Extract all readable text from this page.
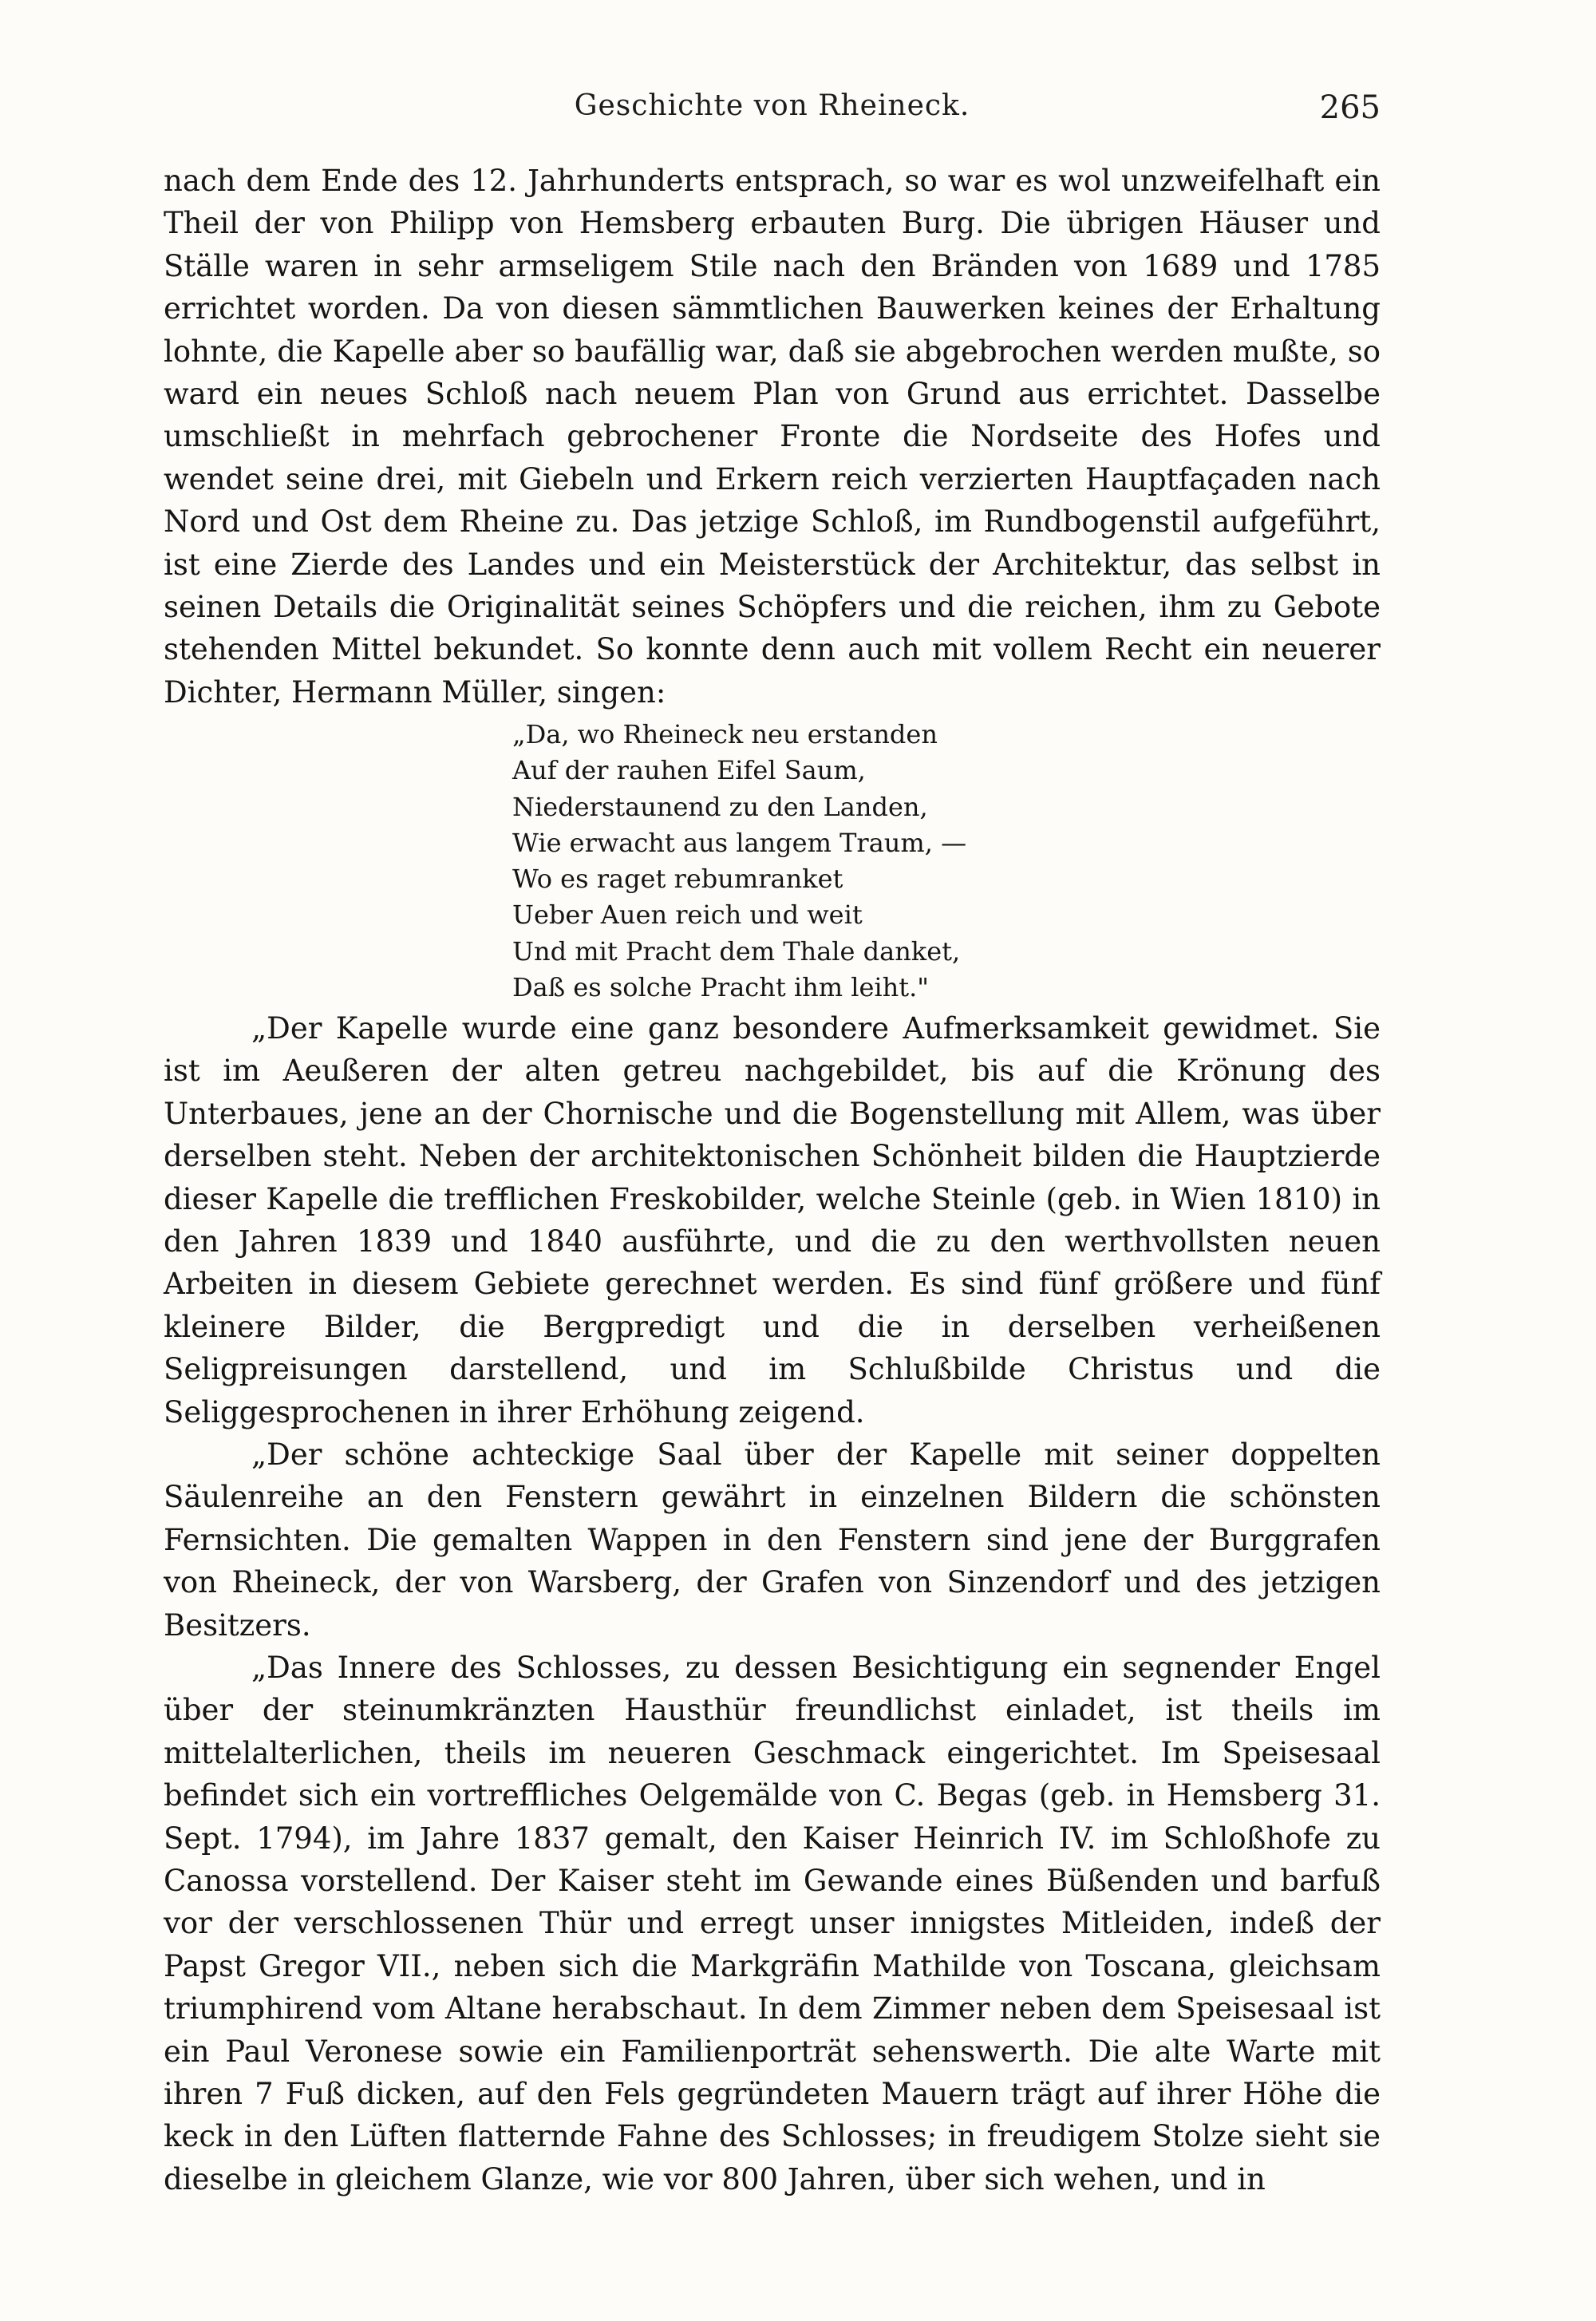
Geschichte von Rheineck.	265

nach dem Ende des 12. Jahrhunderts entsprach, so war es wol unzweifelhaft ein Theil der von Philipp von Hemsberg erbauten Burg. Die übrigen Häuser und Ställe waren in sehr armseligem Stile nach den Bränden von 1689 und 1785 errichtet worden. Da von diesen sämmtlichen Bauwerken keines der Erhaltung lohnte, die Kapelle aber so baufällig war, daß sie abgebrochen werden mußte, so ward ein neues Schloß nach neuem Plan von Grund aus errichtet. Dasselbe umschließt in mehrfach gebrochener Fronte die Nordseite des Hofes und wendet seine drei, mit Giebeln und Erkern reich verzierten Hauptfaçaden nach Nord und Ost dem Rheine zu. Das jetzige Schloß, im Rundbogenstil aufgeführt, ist eine Zierde des Landes und ein Meisterstück der Architektur, das selbst in seinen Details die Originalität seines Schöpfers und die reichen, ihm zu Gebote stehenden Mittel bekundet. So konnte denn auch mit vollem Recht ein neuerer Dichter, Hermann Müller, singen:

„Da, wo Rheineck neu erstanden
Auf der rauhen Eifel Saum,
Niederstaunend zu den Landen,
Wie erwacht aus langem Traum, —
Wo es raget rebumranket
Ueber Auen reich und weit
Und mit Pracht dem Thale danket,
Daß es solche Pracht ihm leiht."

„Der Kapelle wurde eine ganz besondere Aufmerksamkeit gewidmet. Sie ist im Aeußeren der alten getreu nachgebildet, bis auf die Krönung des Unterbaues, jene an der Chornische und die Bogenstellung mit Allem, was über derselben steht. Neben der architektonischen Schönheit bilden die Hauptzierde dieser Kapelle die trefflichen Freskobilder, welche Steinle (geb. in Wien 1810) in den Jahren 1839 und 1840 ausführte, und die zu den werthvollsten neuen Arbeiten in diesem Gebiete gerechnet werden. Es sind fünf größere und fünf kleinere Bilder, die Bergpredigt und die in derselben verheißenen Seligpreisungen darstellend, und im Schlußbilde Christus und die Seliggesprochenen in ihrer Erhöhung zeigend.

„Der schöne achteckige Saal über der Kapelle mit seiner doppelten Säulenreihe an den Fenstern gewährt in einzelnen Bildern die schönsten Fernsichten. Die gemalten Wappen in den Fenstern sind jene der Burggrafen von Rheineck, der von Warsberg, der Grafen von Sinzendorf und des jetzigen Besitzers.

„Das Innere des Schlosses, zu dessen Besichtigung ein segnender Engel über der steinumkränzten Hausthür freundlichst einladet, ist theils im mittelalterlichen, theils im neueren Geschmack eingerichtet. Im Speisesaal befindet sich ein vortreffliches Oelgemälde von C. Begas (geb. in Hemsberg 31. Sept. 1794), im Jahre 1837 gemalt, den Kaiser Heinrich IV. im Schloßhofe zu Canossa vorstellend. Der Kaiser steht im Gewande eines Büßenden und barfuß vor der verschlossenen Thür und erregt unser innigstes Mitleiden, indeß der Papst Gregor VII., neben sich die Markgräfin Mathilde von Toscana, gleichsam triumphirend vom Altane herabschaut. In dem Zimmer neben dem Speisesaal ist ein Paul Veronese sowie ein Familienporträt sehenswerth. Die alte Warte mit ihren 7 Fuß dicken, auf den Fels gegründeten Mauern trägt auf ihrer Höhe die keck in den Lüften flatternde Fahne des Schlosses; in freudigem Stolze sieht sie dieselbe in gleichem Glanze, wie vor 800 Jahren, über sich wehen, und in
